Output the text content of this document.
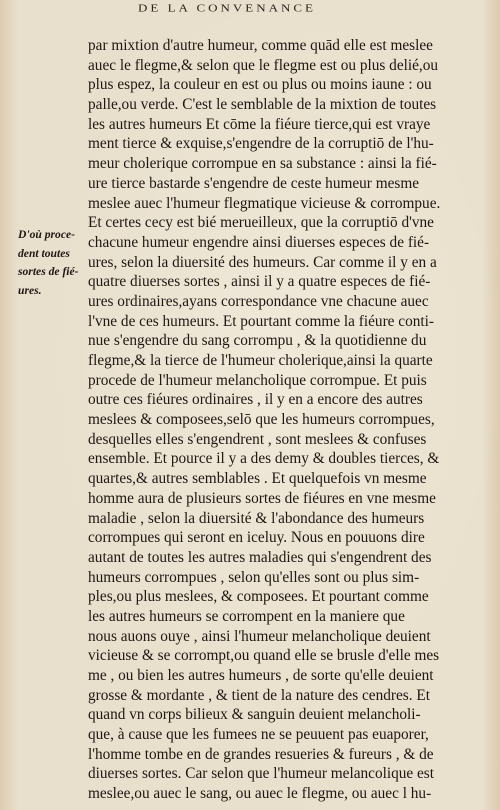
DE LA CONVENANCE
D'où proce-
dent toutes
sortes de fié-
ures.
par mixtion d'autre humeur, comme quād elle est meslee
auec le flegme,& selon que le flegme est ou plus delié,ou
plus espez, la couleur en est ou plus ou moins iaune : ou
palle,ou verde. C'est le semblable de la mixtion de toutes
les autres humeurs Et cōme la fiéure tierce,qui est vraye
ment tierce & exquise,s'engendre de la corruptiō de l'hu-
meur cholerique corrompue en sa substance : ainsi la fié-
ure tierce bastarde s'engendre de ceste humeur mesme
meslee auec l'humeur flegmatique vicieuse & corrompue.
Et certes cecy est bié merueilleux, que la corruptiō d'vne
chacune humeur engendre ainsi diuerses especes de fié-
ures, selon la diuersité des humeurs. Car comme il y en a
quatre diuerses sortes , ainsi il y a quatre especes de fié-
ures ordinaires,ayans correspondance vne chacune auec
l'vne de ces humeurs. Et pourtant comme la fiéure conti-
nue s'engendre du sang corrompu , & la quotidienne du
flegme,& la tierce de l'humeur cholerique,ainsi la quarte
procede de l'humeur melancholique corrompue. Et puis
outre ces fiéures ordinaires , il y en a encore des autres
meslees & composees,selō que les humeurs corrompues,
desquelles elles s'engendrent , sont meslees & confuses
ensemble. Et pource il y a des demy & doubles tierces, &
quartes,& autres semblables . Et quelquefois vn mesme
homme aura de plusieurs sortes de fiéures en vne mesme
maladie , selon la diuersité & l'abondance des humeurs
corrompues qui seront en iceluy. Nous en pouuons dire
autant de toutes les autres maladies qui s'engendrent des
humeurs corrompues , selon qu'elles sont ou plus sim-
ples,ou plus meslees, & composees. Et pourtant comme
les autres humeurs se corrompent en la maniere que
nous auons ouye , ainsi l'humeur melancholique deuient
vicieuse & se corrompt,ou quand elle se brusle d'elle mes
me , ou bien les autres humeurs , de sorte qu'elle deuient
grosse & mordante , & tient de la nature des cendres. Et
quand vn corps bilieux & sanguin deuient melancholi-
que, à cause que les fumees ne se peuuent pas euaporer,
l'homme tombe en de grandes resueries & fureurs , & de
diuerses sortes. Car selon que l'humeur melancolique est
meslee,ou auec le sang, ou auec le flegme, ou auec l hu-
